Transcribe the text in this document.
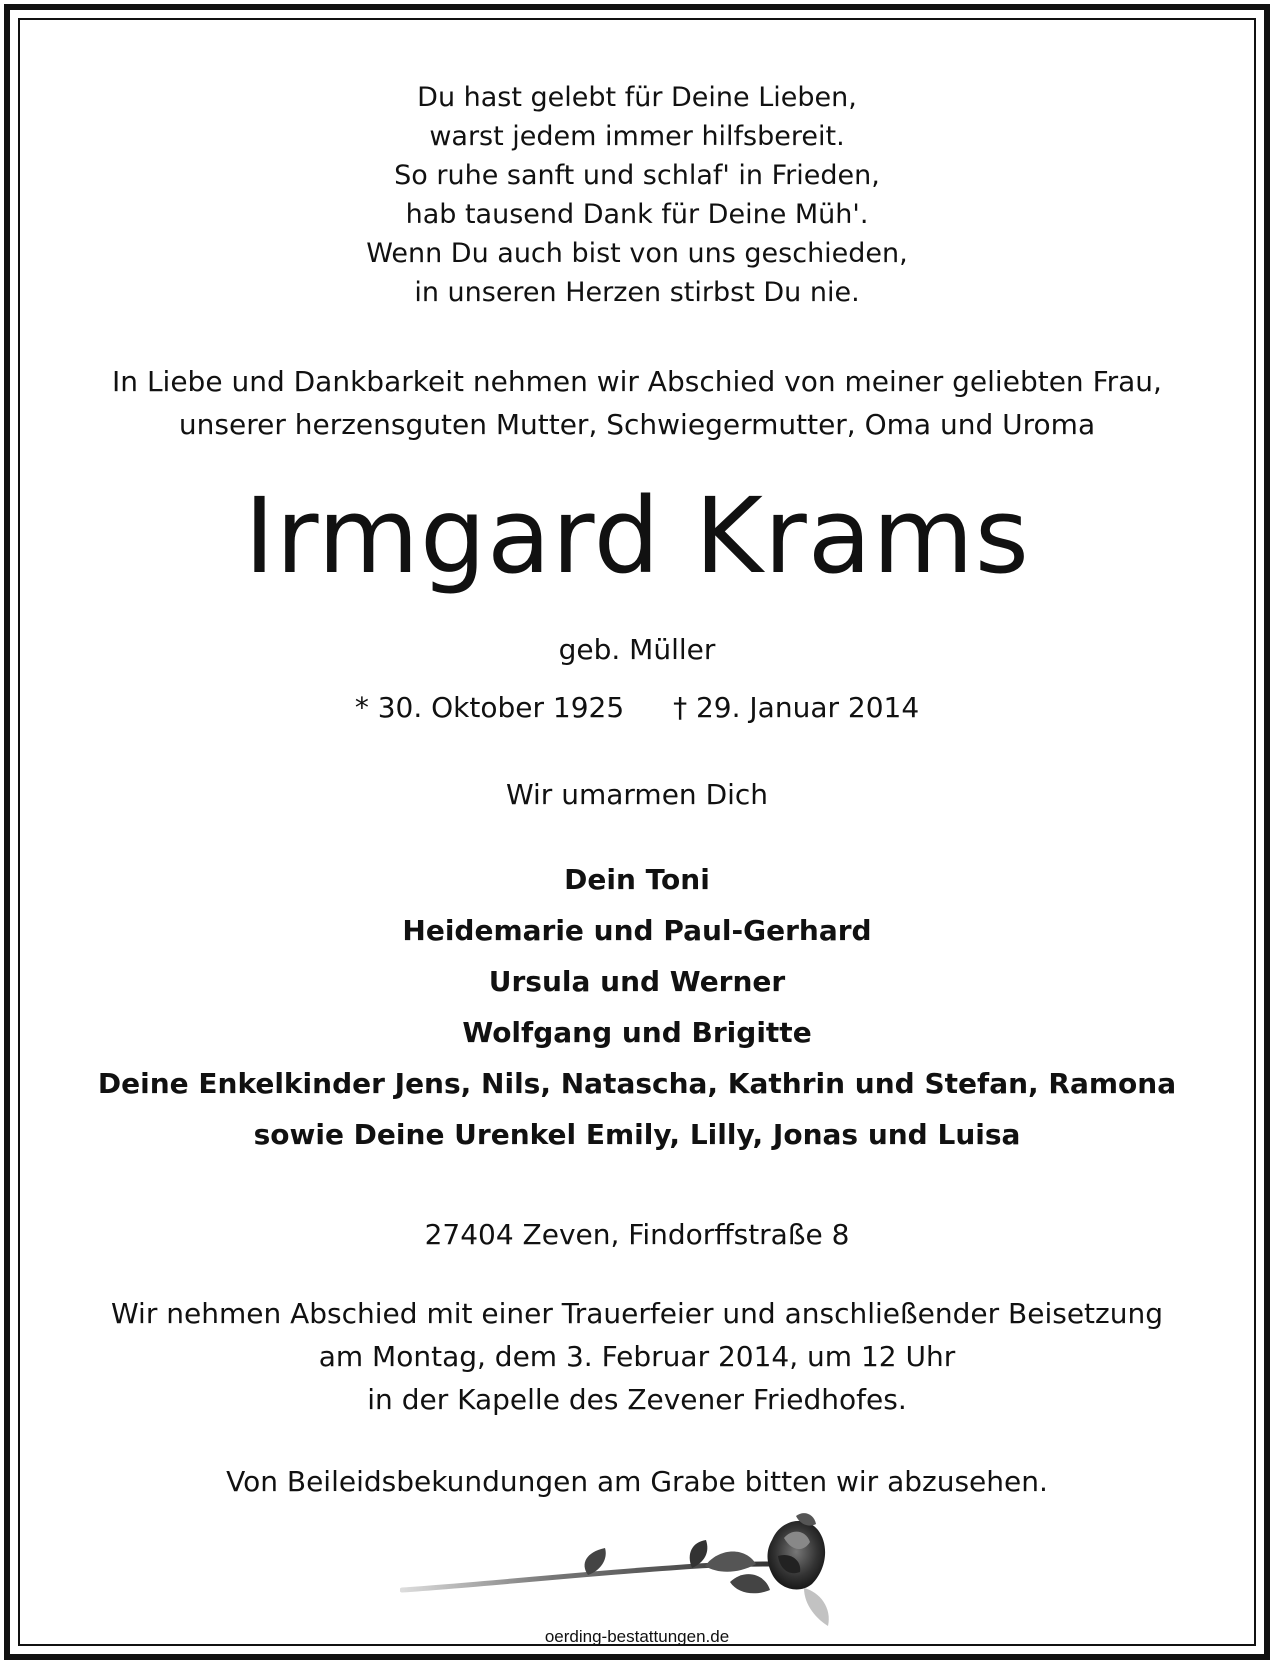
Du hast gelebt für Deine Lieben,
warst jedem immer hilfsbereit.
So ruhe sanft und schlaf' in Frieden,
hab tausend Dank für Deine Müh'.
Wenn Du auch bist von uns geschieden,
in unseren Herzen stirbst Du nie.
In Liebe und Dankbarkeit nehmen wir Abschied von meiner geliebten Frau,
unserer herzensguten Mutter, Schwiegermutter, Oma und Uroma
Irmgard Krams
geb. Müller
* 30. Oktober 1925 † 29. Januar 2014
Wir umarmen Dich
Dein Toni
Heidemarie und Paul-Gerhard
Ursula und Werner
Wolfgang und Brigitte
Deine Enkelkinder Jens, Nils, Natascha, Kathrin und Stefan, Ramona
sowie Deine Urenkel Emily, Lilly, Jonas und Luisa
27404 Zeven, Findorffstraße 8
Wir nehmen Abschied mit einer Trauerfeier und anschließender Beisetzung
am Montag, dem 3. Februar 2014, um 12 Uhr
in der Kapelle des Zevener Friedhofes.
Von Beileidsbekundungen am Grabe bitten wir abzusehen.
oerding-bestattungen.de
